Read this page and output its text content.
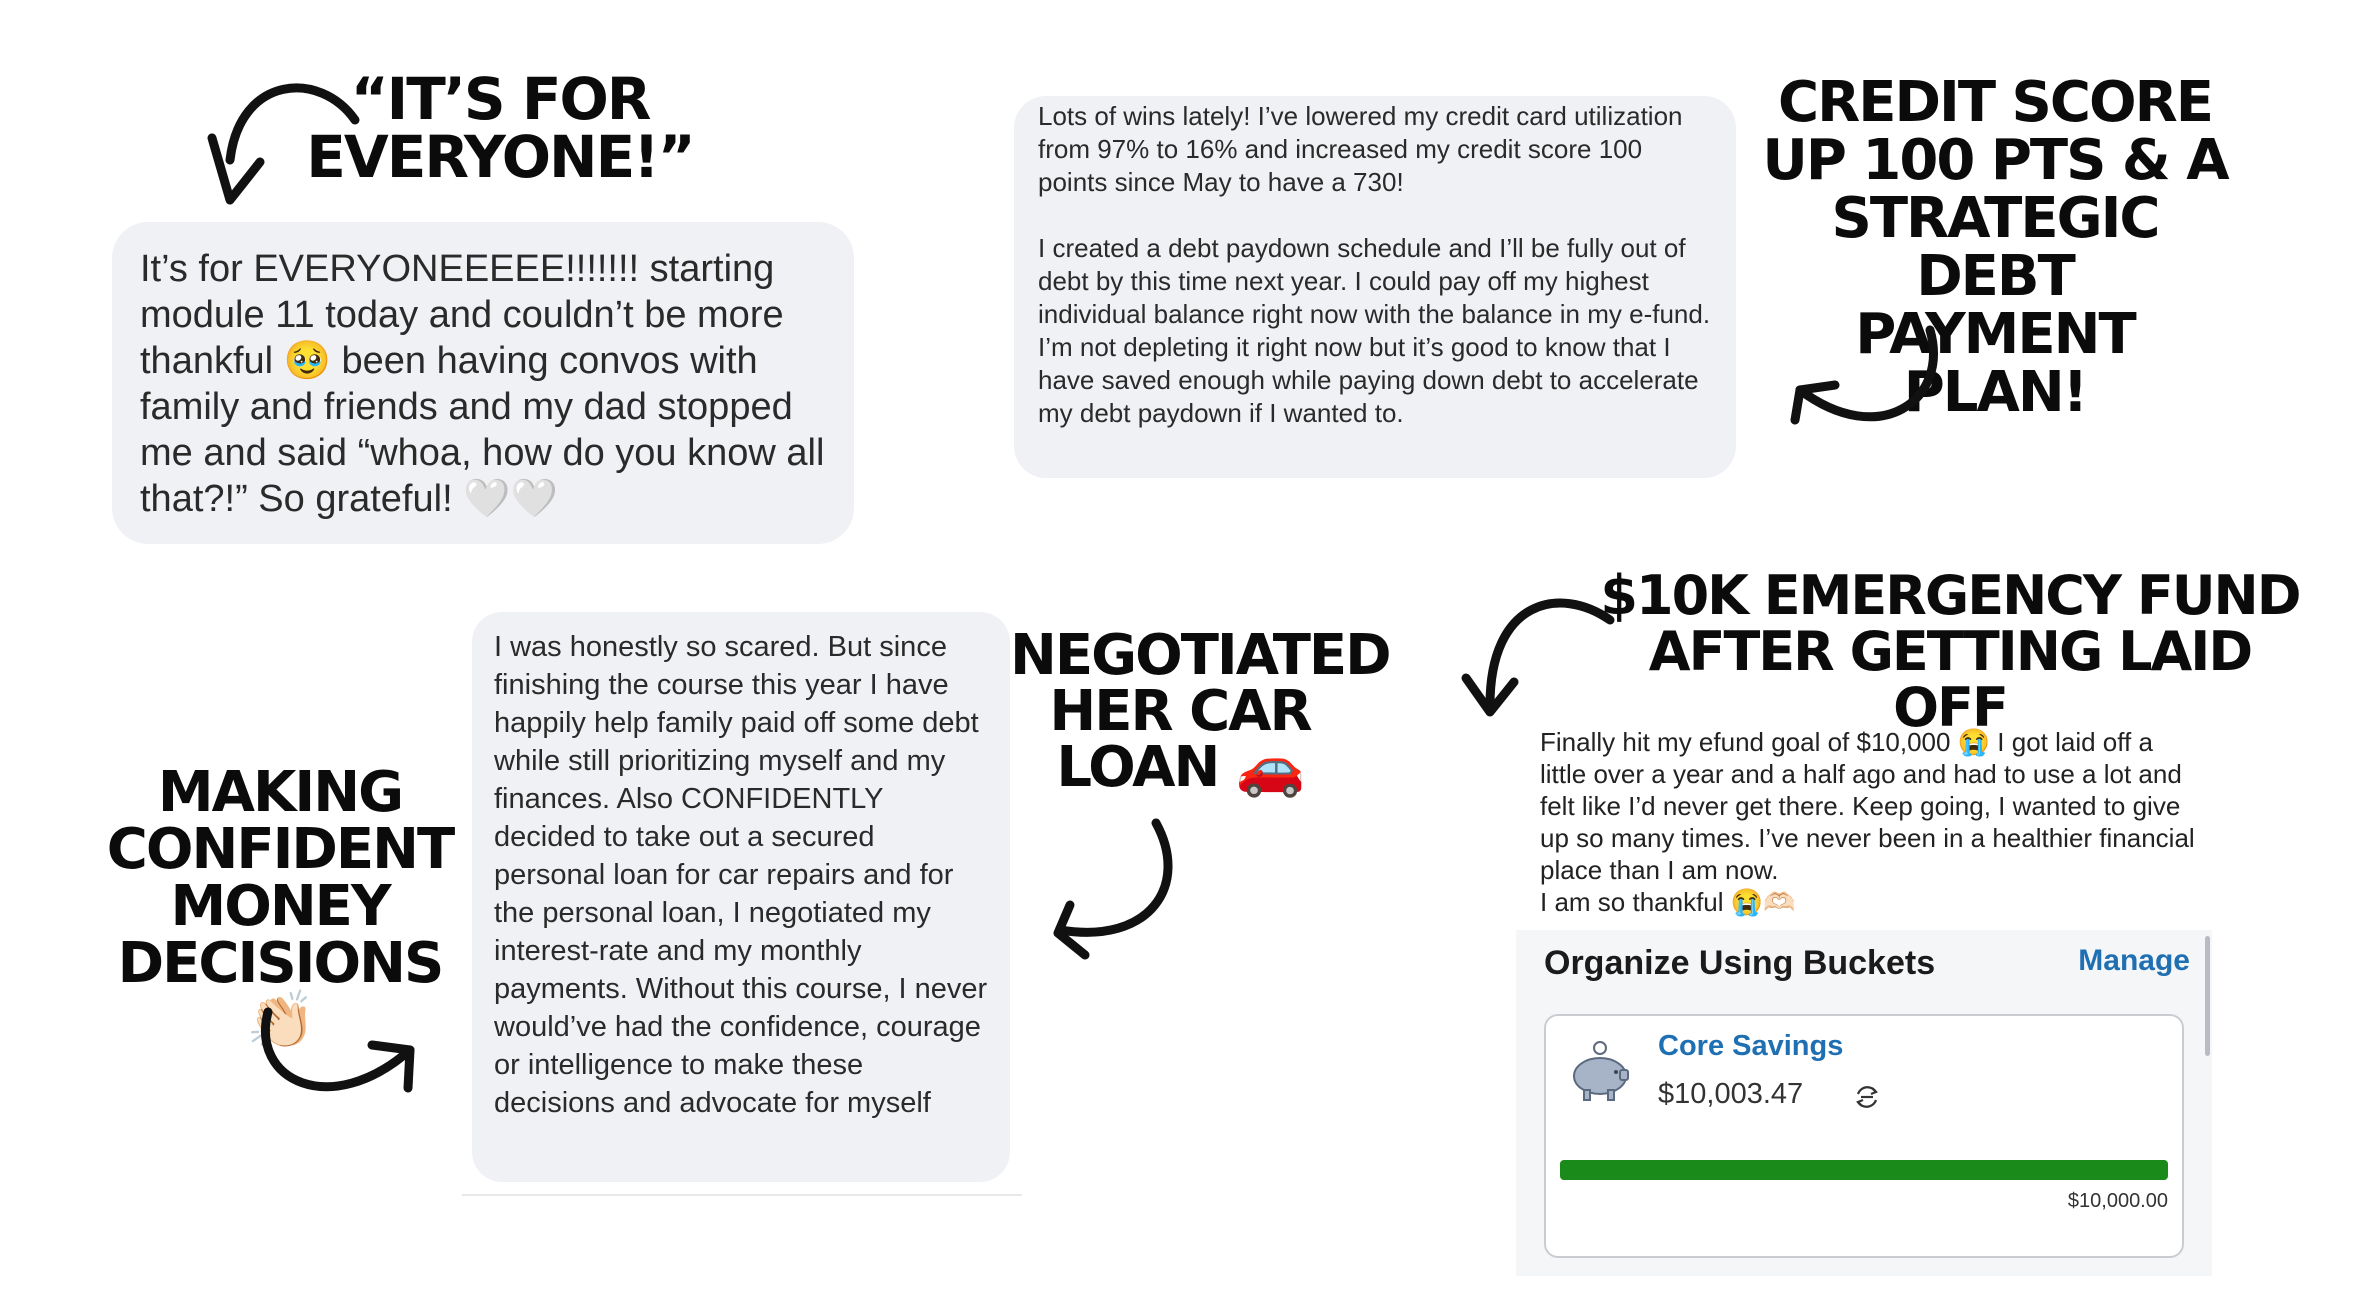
“IT’S FOR
EVERYONE!”

It’s for EVERYONEEEEE!!!!!!! starting module 11 today and couldn’t be more thankful 🥹 been having convos with family and friends and my dad stopped me and said “whoa, how do you know all that?!” So grateful! 🤍🤍

Lots of wins lately! I’ve lowered my credit card utilization from 97% to 16% and increased my credit score 100 points since May to have a 730!

I created a debt paydown schedule and I’ll be fully out of debt by this time next year. I could pay off my highest individual balance right now with the balance in my e-fund. I’m not depleting it right now but it’s good to know that I have saved enough while paying down debt to accelerate my debt paydown if I wanted to.

CREDIT SCORE
UP 100 PTS & A
STRATEGIC DEBT
PAYMENT PLAN!
$10K EMERGENCY FUND
AFTER GETTING LAID OFF
Finally hit my efund goal of $10,000 😭 I got laid off a little over a year and a half ago and had to use a lot and felt like I’d never get there. Keep going, I wanted to give up so many times. I’ve never been in a healthier financial place than I am now.
I am so thankful 😭🫶🏻
Organize Using Buckets	Manage
Core Savings
$10,003.47
$10,000.00
NEGOTIATED
HER CAR
LOAN 🚗

I was honestly so scared. But since finishing the course this year I have happily help family paid off some debt while still prioritizing myself and my finances. Also CONFIDENTLY decided to take out a secured personal loan for car repairs and for the personal loan, I negotiated my interest-rate and my monthly payments. Without this course, I never would’ve had the confidence, courage or intelligence to make these decisions and advocate for myself

MAKING
CONFIDENT
MONEY
DECISIONS 👏🏻
